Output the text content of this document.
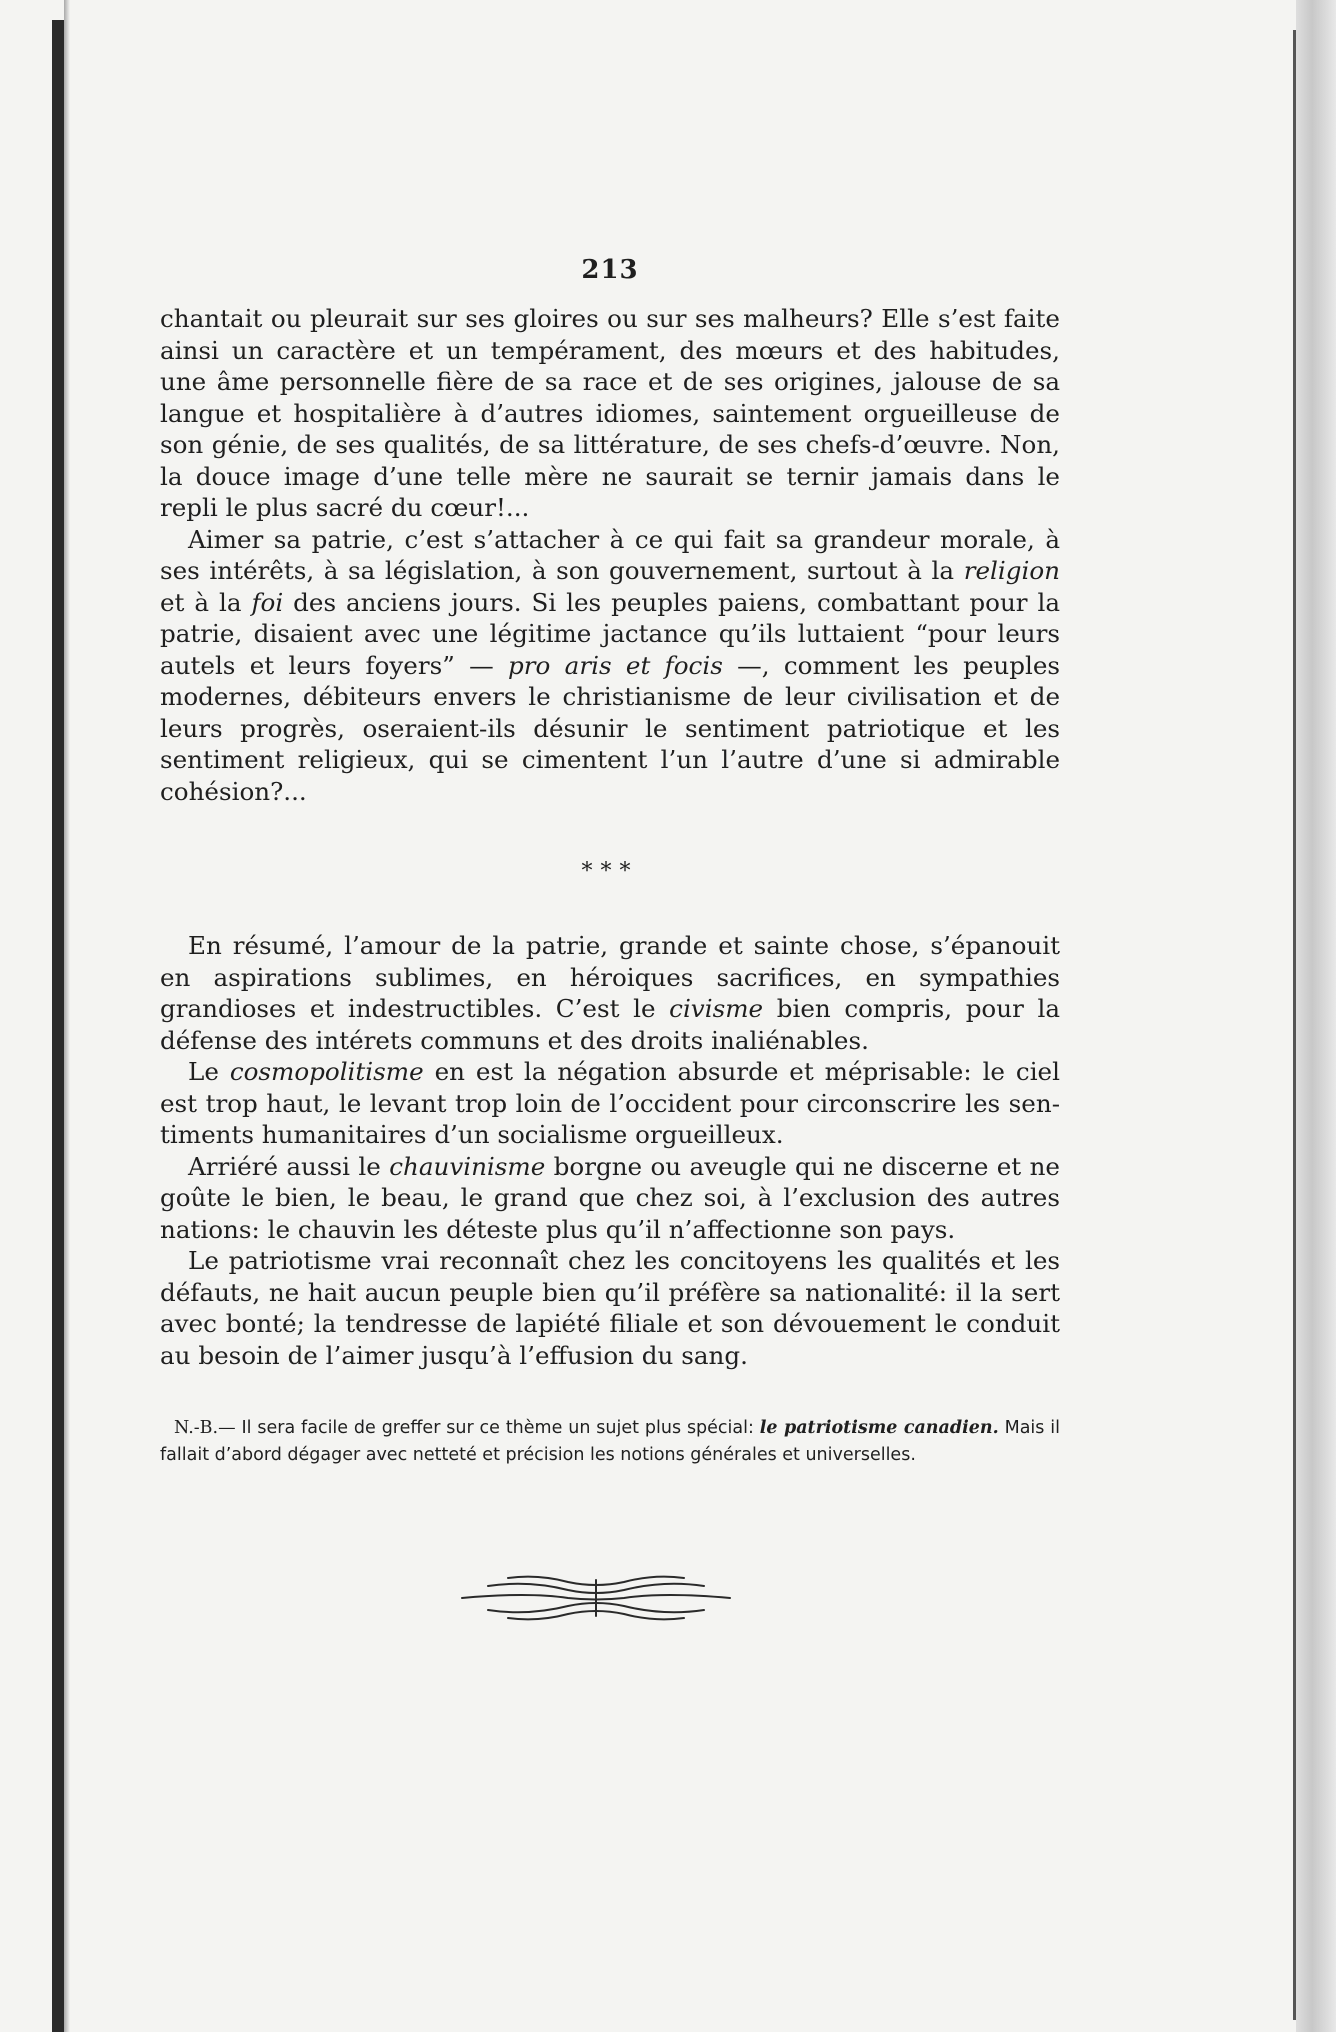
213

chantait ou pleurait sur ses gloires ou sur ses malheurs? Elle s’est faite ainsi un caractère et un tempérament, des mœurs et des habitudes, une âme personnelle fière de sa race et de ses origines, jalouse de sa langue et hospitalière à d’autres idiomes, saintement orgueilleuse de son génie, de ses qualités, de sa littérature, de ses chefs-d’œuvre. Non, la douce image d’une telle mère ne saurait se ternir jamais dans le repli le plus sacré du cœur!...

Aimer sa patrie, c’est s’attacher à ce qui fait sa grandeur morale, à ses intérêts, à sa législation, à son gouvernement, surtout à la religion et à la foi des anciens jours. Si les peuples paiens, combattant pour la patrie, disaient avec une légitime jactance qu’ils luttaient “pour leurs autels et leurs foyers” — pro aris et focis —, comment les peuples modernes, débiteurs envers le christianisme de leur civilisation et de leurs progrès, oseraient-ils désunir le sentiment patriotique et les sentiment religieux, qui se cimentent l’un l’autre d’une si admirable cohésion?...

***

En résumé, l’amour de la patrie, grande et sainte chose, s’épanouit en aspirations sublimes, en héroiques sacrifices, en sympathies grandioses et indestructibles. C’est le civisme bien compris, pour la défense des intérets communs et des droits inaliénables.

Le cosmopolitisme en est la négation absurde et méprisable: le ciel est trop haut, le levant trop loin de l’occident pour circonscrire les sentiments humanitaires d’un socialisme orgueilleux.

Arriéré aussi le chauvinisme borgne ou aveugle qui ne discerne et ne goûte le bien, le beau, le grand que chez soi, à l’exclusion des autres nations: le chauvin les déteste plus qu’il n’affectionne son pays.

Le patriotisme vrai reconnaît chez les concitoyens les qualités et les défauts, ne hait aucun peuple bien qu’il préfère sa nationalité: il la sert avec bonté; la tendresse de lapiété filiale et son dévouement le conduit au besoin de l’aimer jusqu’à l’effusion du sang.

N.-B.— Il sera facile de greffer sur ce thème un sujet plus spécial: le patriotisme canadien. Mais il fallait d’abord dégager avec netteté et précision les notions générales et universelles.
